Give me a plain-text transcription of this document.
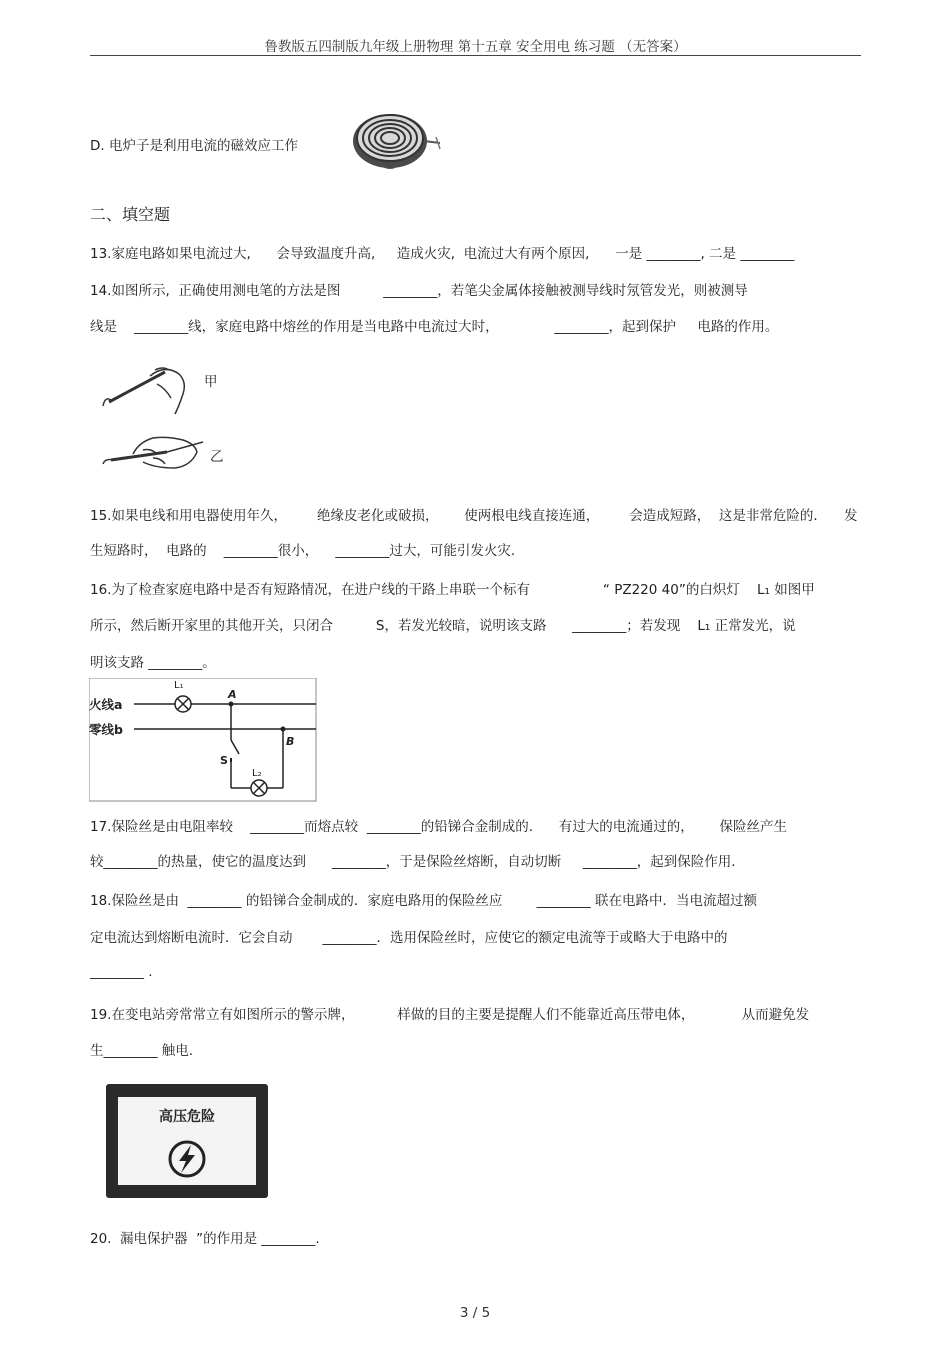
鲁教版五四制版九年级上册物理 第十五章 安全用电 练习题 （无答案）
D. 电炉子是利用电流的磁效应工作
二、填空题
13.家庭电路如果电流过大,      会导致温度升高,     造成火灾,  电流过大有两个原因,      一是 ________, 二是 ________
14.如图所示,  正确使用测电笔的方法是图          ________，若笔尖金属体接触被测导线时氖管发光，则被测导
线是    ________线，家庭电路中熔丝的作用是当电路中电流过大时，             ________，起到保护     电路的作用。
甲
乙
15.如果电线和用电器使用年久，       绝缘皮老化或破损，      使两根电线直接连通，       会造成短路，  这是非常危险的．    发
生短路时，  电路的    ________很小，    ________过大，可能引发火灾.
16.为了检查家庭电路中是否有短路情况，在进户线的干路上串联一个标有                 “ PZ220 40”的白炽灯    L₁ 如图甲
所示，然后断开家里的其他开关，只闭合          S，若发光较暗，说明该支路      ________；若发现    L₁ 正常发光，说
明该支路 ________。
火线a
零线b
L₁
A
B
S
L₂
17.保险丝是由电阻率较    ________而熔点较  ________的铅锑合金制成的.      有过大的电流通过的，      保险丝产生
较________的热量，使它的温度达到      ________，于是保险丝熔断，自动切断     ________，起到保险作用.
18.保险丝是由  ________ 的铅锑合金制成的．家庭电路用的保险丝应        ________ 联在电路中．当电流超过额
定电流达到熔断电流时．它会自动       ________．选用保险丝时，应使它的额定电流等于或略大于电路中的
________ .
19.在变电站旁常常立有如图所示的警示牌，          样做的目的主要是提醒人们不能靠近高压带电体，           从而避免发
生________ 触电.
高压危险
20.  漏电保护器  ”的作用是 ________.
3 / 5
